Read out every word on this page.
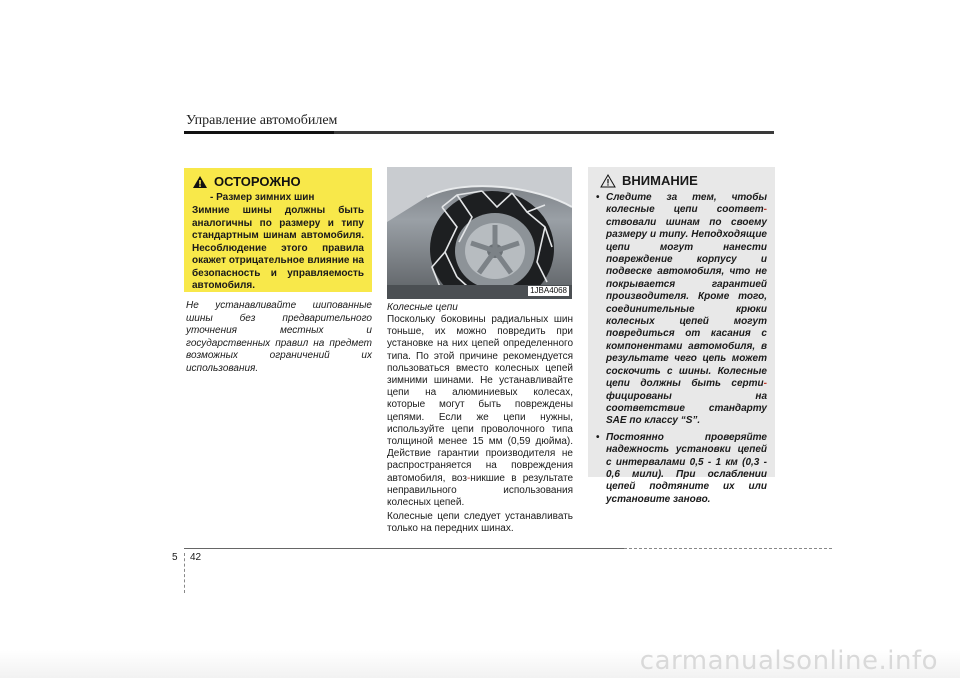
Управление автомобилем
ОСТОРОЖНО
- Размер зимних шин
Зимние шины должны быть аналогичны по размеру и типу стандартным шинам автомобиля. Несоблюдение этого правила окажет отрицательное влияние на безопасность и управляемость автомобиля.
Не устанавливайте шипованные шины без предварительного уточнения местных и государственных правил на предмет возможных ограничений их использования.
1JBA4068
Колесные цепи

Поскольку боковины радиальных шин тоньше, их можно повредить при установке на них цепей определенного типа. По этой причине рекомендуется пользоваться вместо колесных цепей зимними шинами. Не устанавливайте цепи на алюминиевых колесах, которые могут быть повреждены цепями. Если же цепи нужны, используйте цепи проволочного типа толщиной менее 15 мм (0,59 дюйма). Действие гарантии производителя не распространяется на повреждения автомобиля, воз-никшие в результате неправильного использования колесных цепей.

Колесные цепи следует устанавливать только на передних шинах.

ВНИМАНИЕ
• Следите за тем, чтобы колесные цепи соответ- ствовали шинам по своему размеру и типу. Неподходящие цепи могут нанести повреждение корпусу и подвеске автомобиля, что не покрывается гарантией производителя. Кроме того, соединительные крюки колесных цепей могут повредиться от касания с компонентами автомобиля, в результате чего цепь может соскочить с шины. Колесные цепи должны быть серти- фицированы на соответствие стандарту SAE по классу “S”.
• Постоянно проверяйте надежность установки цепей с интервалами 0,5 - 1 км (0,3 - 0,6 мили). При ослаблении цепей подтяните их или установите заново.
5 42
carmanualsonline.info
